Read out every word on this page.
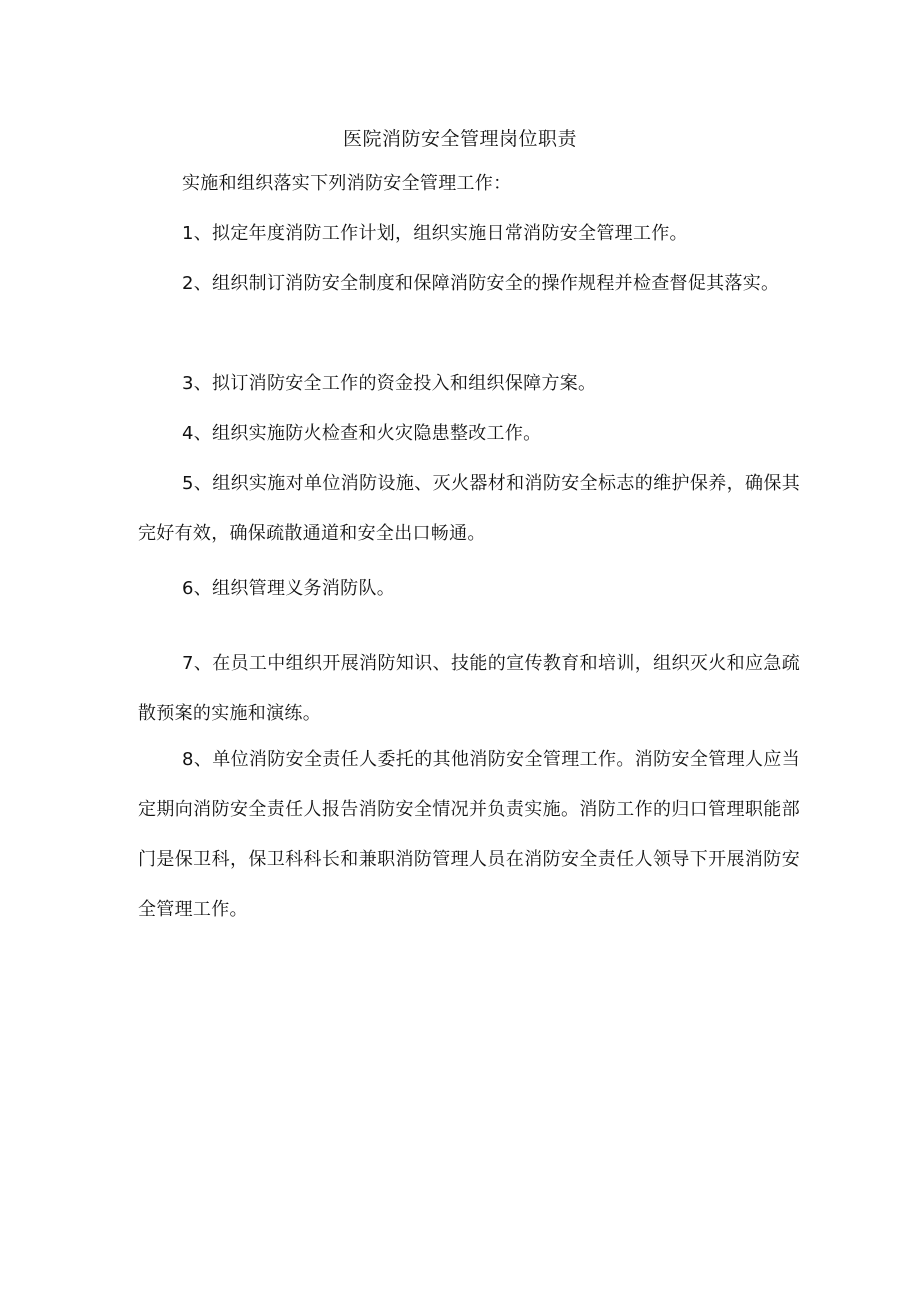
医院消防安全管理岗位职责

实施和组织落实下列消防安全管理工作：

1、拟定年度消防工作计划，组织实施日常消防安全管理工作。

2、组织制订消防安全制度和保障消防安全的操作规程并检查督促其落实。

3、拟订消防安全工作的资金投入和组织保障方案。

4、组织实施防火检查和火灾隐患整改工作。

5、组织实施对单位消防设施、灭火器材和消防安全标志的维护保养，确保其完好有效，确保疏散通道和安全出口畅通。

6、组织管理义务消防队。

7、在员工中组织开展消防知识、技能的宣传教育和培训，组织灭火和应急疏散预案的实施和演练。

8、单位消防安全责任人委托的其他消防安全管理工作。消防安全管理人应当定期向消防安全责任人报告消防安全情况并负责实施。消防工作的归口管理职能部门是保卫科，保卫科科长和兼职消防管理人员在消防安全责任人领导下开展消防安全管理工作。
